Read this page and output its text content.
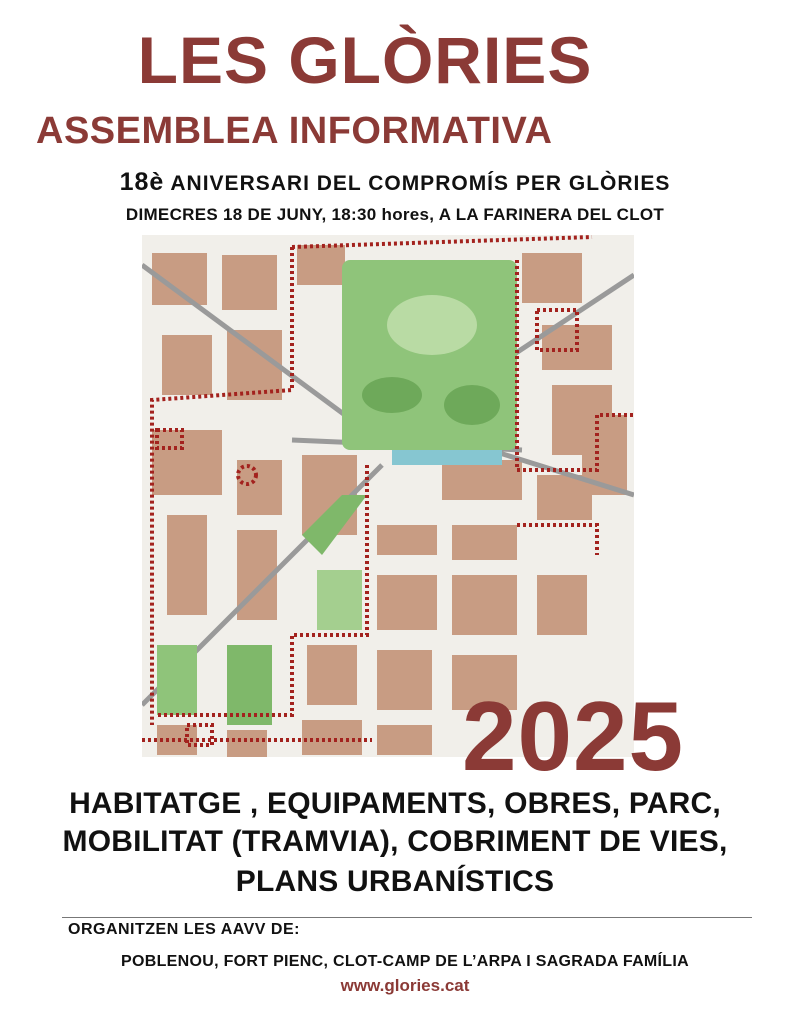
LES GLÒRIES
ASSEMBLEA INFORMATIVA
18è ANIVERSARI DEL COMPROMÍS PER GLÒRIES
DIMECRES 18 DE JUNY, 18:30 hores, A LA FARINERA DEL CLOT
2025
HABITATGE , EQUIPAMENTS, OBRES, PARC,
MOBILITAT (TRAMVIA), COBRIMENT DE VIES,
PLANS URBANÍSTICS
ORGANITZEN LES AAVV DE:
POBLENOU, FORT PIENC, CLOT-CAMP DE L’ARPA I SAGRADA FAMÍLIA
www.glories.cat
